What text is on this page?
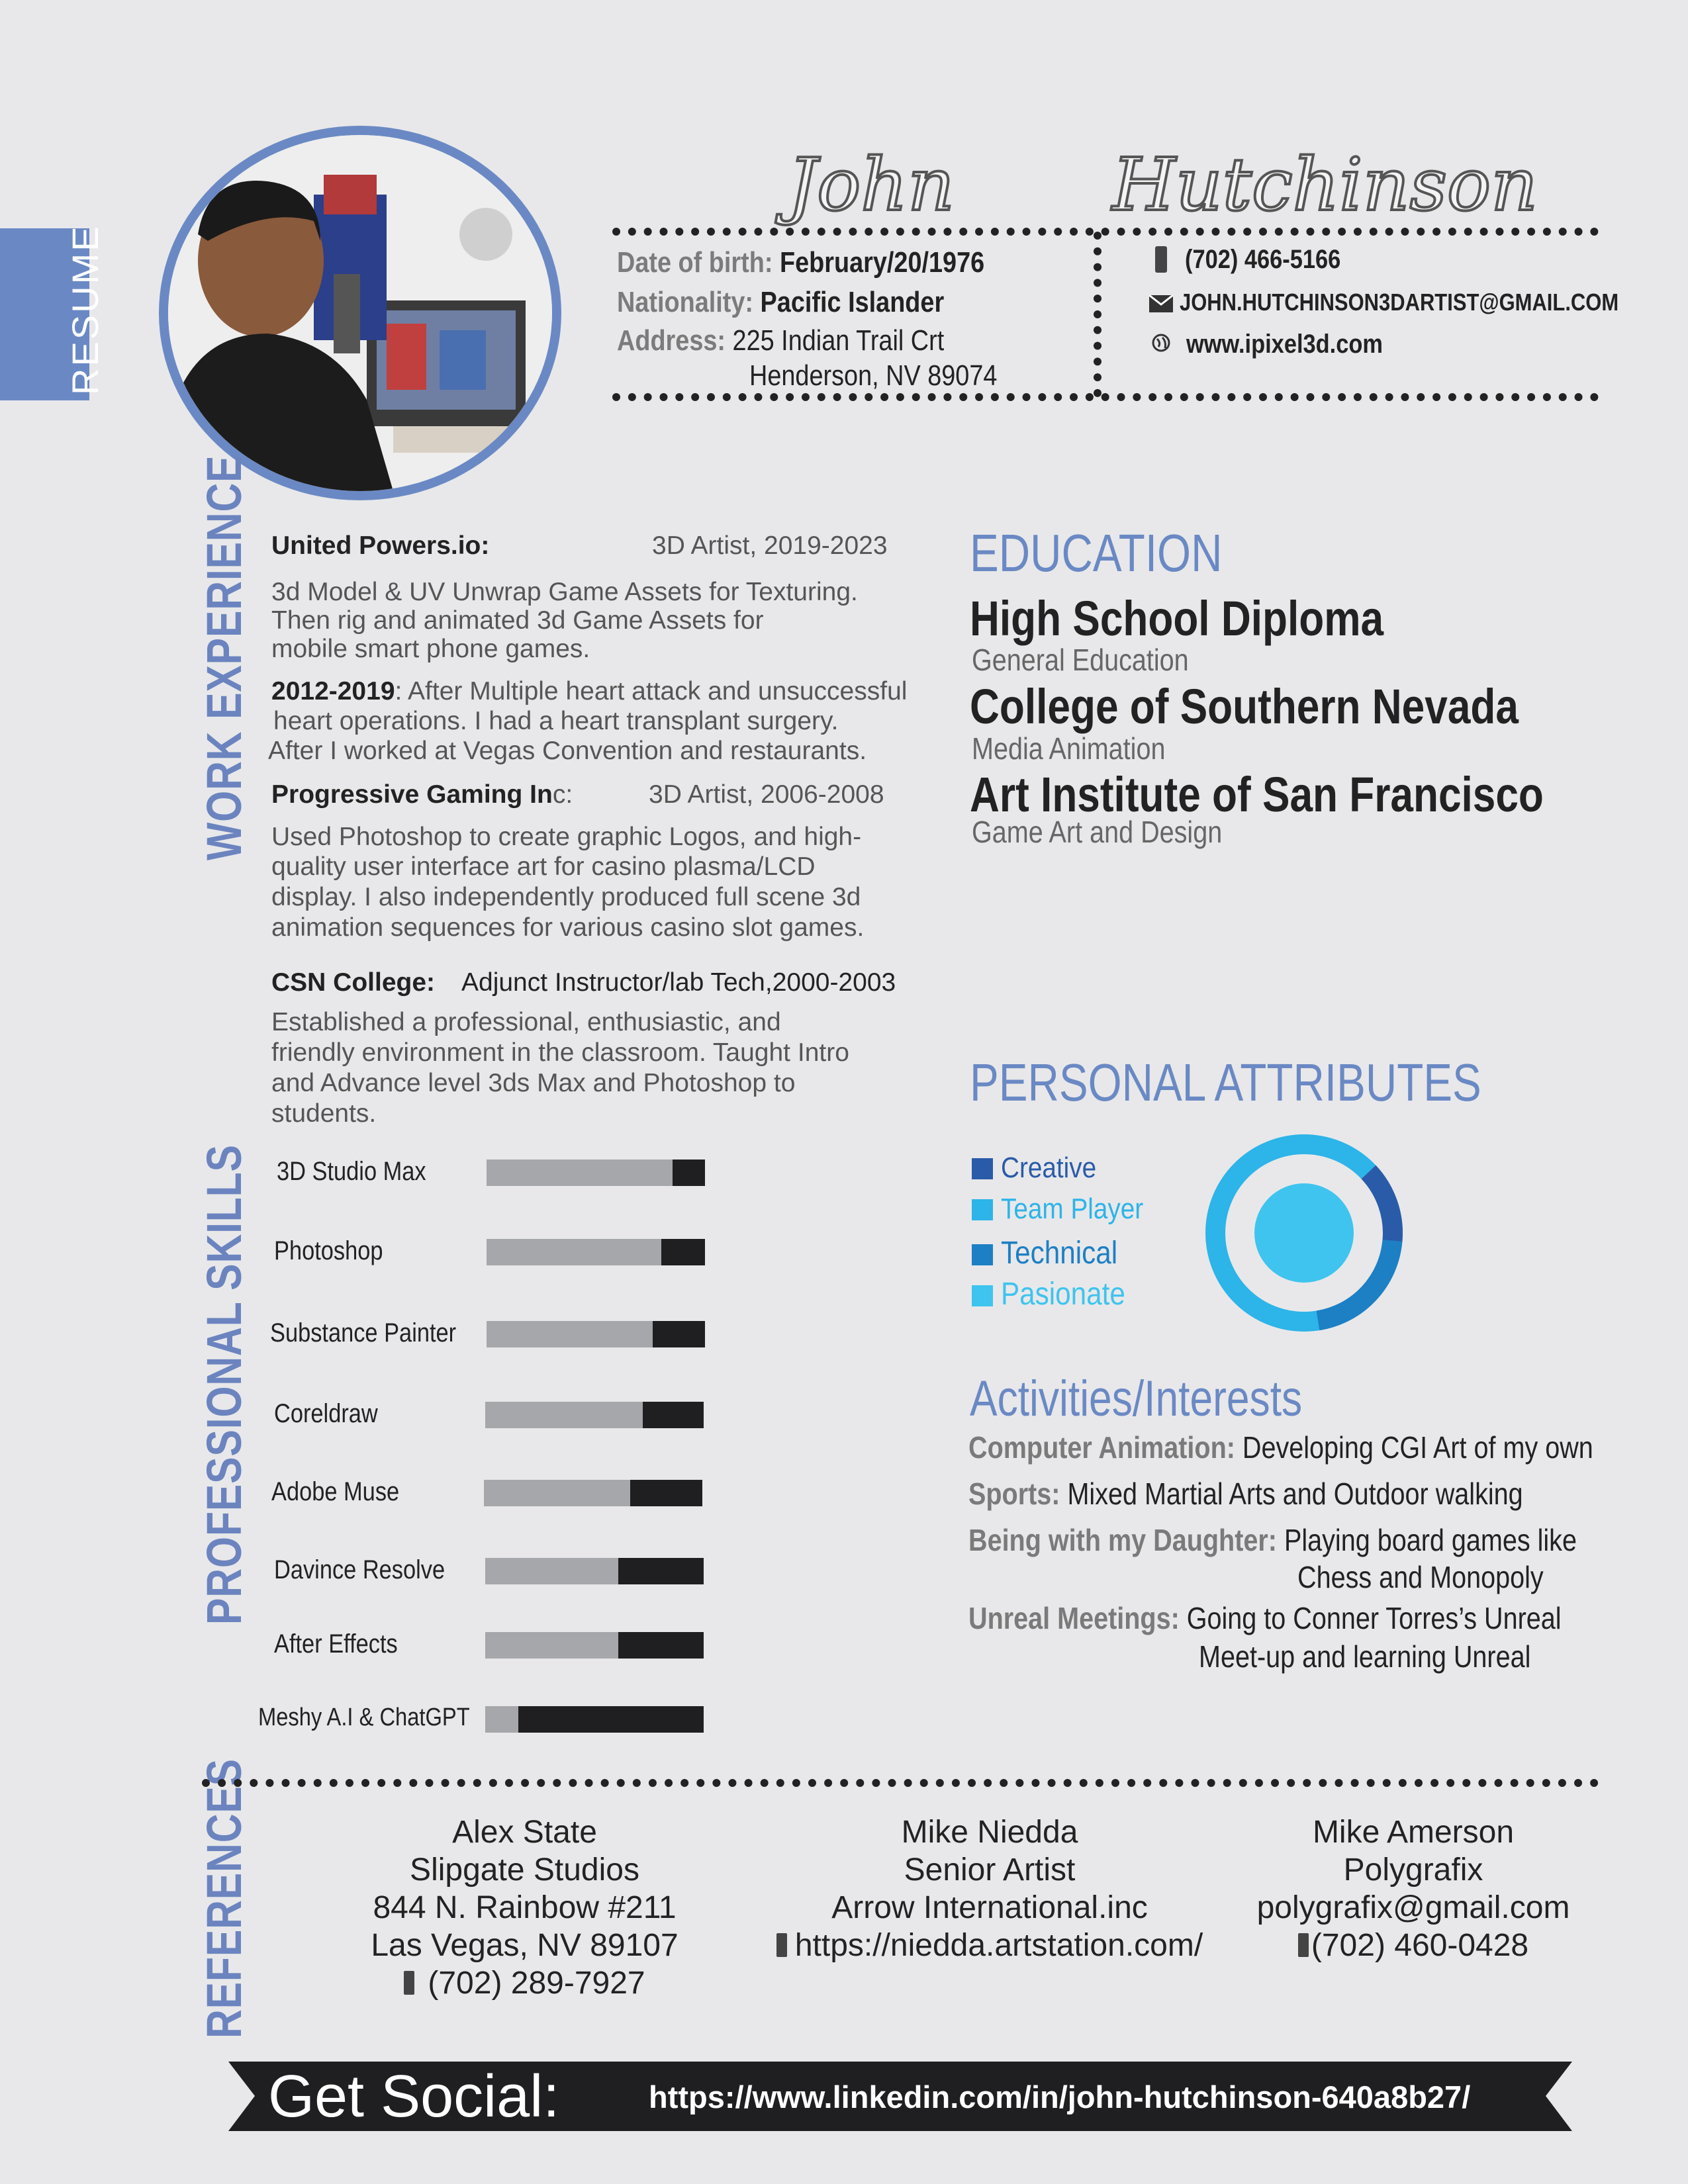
RESUME
John Hutchinson
Date of birth: February/20/1976
Nationality: Pacific Islander
Address: 225 Indian Trail Crt
Henderson, NV 89074
(702) 466-5166
JOHN.HUTCHINSON3DARTIST@GMAIL.COM
www.ipixel3d.com
WORK EXPERIENCE
PROFESSIONAL SKILLS
REFERENCES
United Powers.io:	3D Artist, 2019-2023
3d Model & UV Unwrap Game Assets for Texturing.
Then rig and animated 3d Game Assets for
mobile smart phone games.
2012-2019: After Multiple heart attack and unsuccessful
heart operations. I had a heart transplant surgery.
After I worked at Vegas Convention and restaurants.
Progressive Gaming Inc:	3D Artist, 2006-2008
Used Photoshop to create graphic Logos, and high-
quality user interface art for casino plasma/LCD
display. I also independently produced full scene 3d
animation sequences for various casino slot games.
CSN College: Adjunct Instructor/lab Tech,2000-2003
Established a professional, enthusiastic, and
friendly environment in the classroom. Taught Intro
and Advance level 3ds Max and Photoshop to
students.
EDUCATION
High School Diploma
General Education
College of Southern Nevada
Media Animation
Art Institute of San Francisco
Game Art and Design
PERSONAL ATTRIBUTES
Creative
Team Player
Technical
Pasionate
Activities/Interests
Computer Animation: Developing CGI Art of my own
Sports: Mixed Martial Arts and Outdoor walking
Being with my Daughter: Playing board games like
Chess and Monopoly
Unreal Meetings: Going to Conner Torres’s Unreal
Meet-up and learning Unreal
3D Studio Max
Photoshop
Substance Painter
Coreldraw
Adobe Muse
Davince Resolve
After Effects
Meshy A.I & ChatGPT
Alex State
Slipgate Studios
844 N. Rainbow #211
Las Vegas, NV 89107
(702) 289-7927
Mike Niedda
Senior Artist
Arrow International.inc
https://niedda.artstation.com/
Mike Amerson
Polygrafix
polygrafix@gmail.com
(702) 460-0428
Get Social:	https://www.linkedin.com/in/john-hutchinson-640a8b27/
